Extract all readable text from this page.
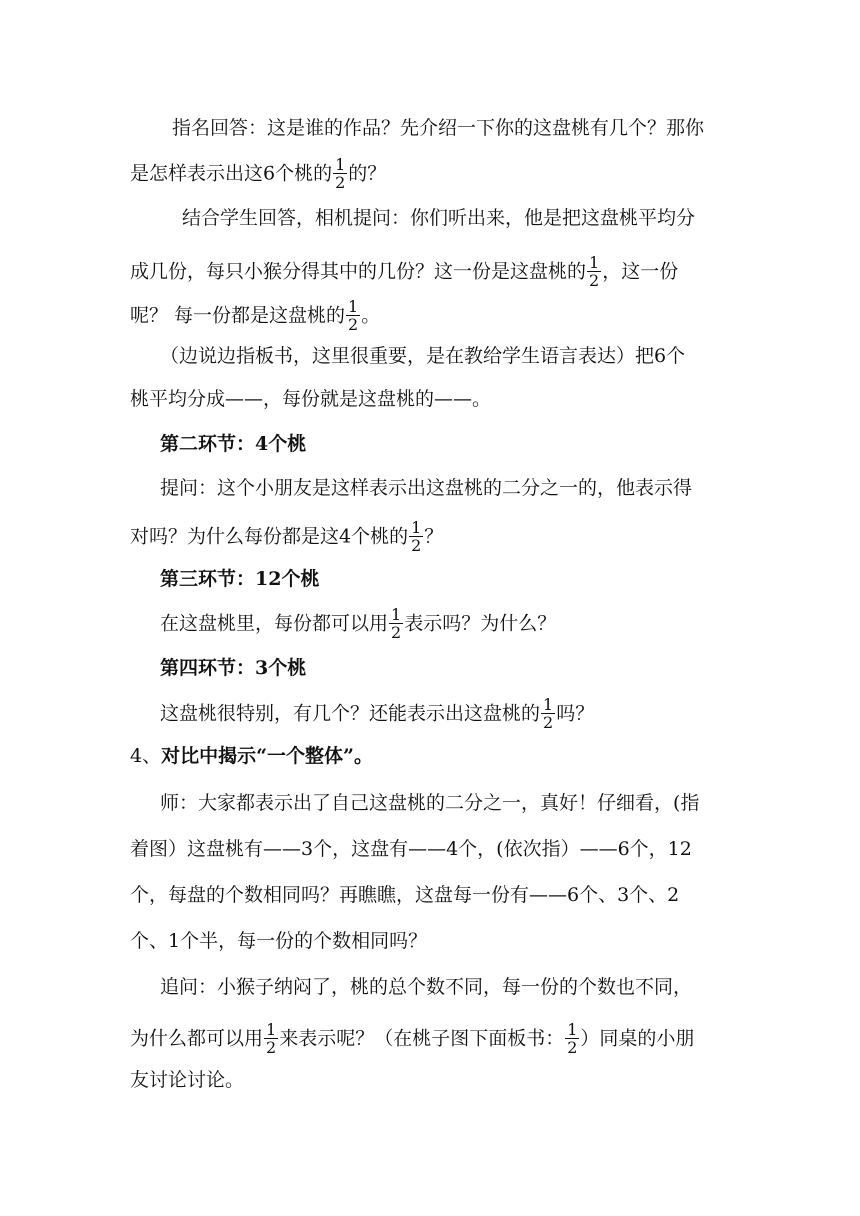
指名回答：这是谁的作品？先介绍一下你的这盘桃有几个？那你
是怎样表示出这6个桃的 $\frac{1}{2}$ 的？
结合学生回答，相机提问：你们听出来，他是把这盘桃平均分
成几份，每只小猴分得其中的几份？这一份是这盘桃的 $\frac{1}{2}$ ，这一份
呢？ 每一份都是这盘桃的 $\frac{1}{2}$ 。
（边说边指板书，这里很重要，是在教给学生语言表达）把6个
桃平均分成——，每份就是这盘桃的——。
第二环节：4个桃
提问：这个小朋友是这样表示出这盘桃的二分之一的，他表示得
对吗？为什么每份都是这4个桃的 $\frac{1}{2}$ ？
第三环节：12个桃
在这盘桃里，每份都可以用 $\frac{1}{2}$ 表示吗？为什么？
第四环节：3个桃
这盘桃很特别，有几个？还能表示出这盘桃的 $\frac{1}{2}$ 吗？
4、对比中揭示“一个整体”。
师：大家都表示出了自己这盘桃的二分之一，真好！仔细看，(指
着图）这盘桃有——3个，这盘有——4个，(依次指）——6个，12
个，每盘的个数相同吗？再瞧瞧，这盘每一份有——6个、3个、2
个、1个半，每一份的个数相同吗？
追问：小猴子纳闷了，桃的总个数不同，每一份的个数也不同，
为什么都可以用 $\frac{1}{2}$ 来表示呢？（在桃子图下面板书： $\frac{1}{2}$ ）同桌的小朋
友讨论讨论。
